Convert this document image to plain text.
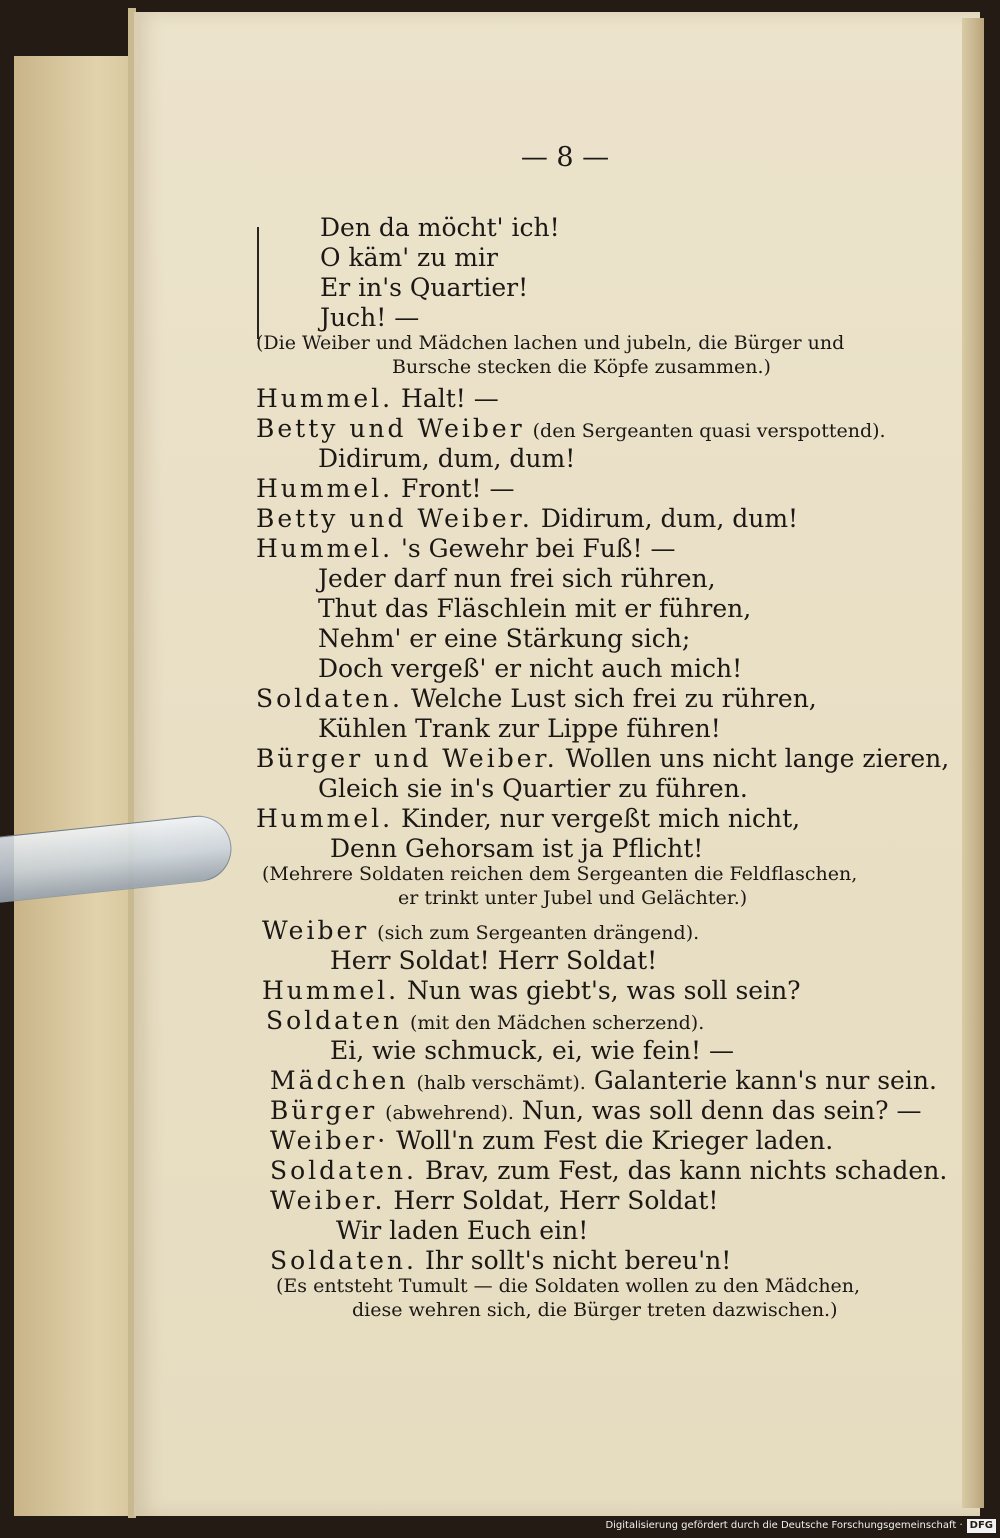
— 8 —
Den da möcht' ich!
O käm' zu mir
Er in's Quartier!
Juch! —
(Die Weiber und Mädchen lachen und jubeln, die Bürger und
Bursche stecken die Köpfe zusammen.)
Hummel. Halt! —
Betty und Weiber (den Sergeanten quasi verspottend).
Didirum, dum, dum!
Hummel. Front! —
Betty und Weiber. Didirum, dum, dum!
Hummel. 's Gewehr bei Fuß! —
Jeder darf nun frei sich rühren,
Thut das Fläschlein mit er führen,
Nehm' er eine Stärkung sich;
Doch vergeß' er nicht auch mich!
Soldaten. Welche Lust sich frei zu rühren,
Kühlen Trank zur Lippe führen!
Bürger und Weiber. Wollen uns nicht lange zieren,
Gleich sie in's Quartier zu führen.
Hummel. Kinder, nur vergeßt mich nicht,
Denn Gehorsam ist ja Pflicht!
(Mehrere Soldaten reichen dem Sergeanten die Feldflaschen,
er trinkt unter Jubel und Gelächter.)
Weiber (sich zum Sergeanten drängend).
Herr Soldat! Herr Soldat!
Hummel. Nun was giebt's, was soll sein?
Soldaten (mit den Mädchen scherzend).
Ei, wie schmuck, ei, wie fein! —
Mädchen (halb verschämt). Galanterie kann's nur sein.
Bürger (abwehrend). Nun, was soll denn das sein? —
Weiber· Woll'n zum Fest die Krieger laden.
Soldaten. Brav, zum Fest, das kann nichts schaden.
Weiber. Herr Soldat, Herr Soldat!
Wir laden Euch ein!
Soldaten. Ihr sollt's nicht bereu'n!
(Es entsteht Tumult — die Soldaten wollen zu den Mädchen,
diese wehren sich, die Bürger treten dazwischen.)
Digitalisierung gefördert durch die Deutsche Forschungsgemeinschaft · DFG
